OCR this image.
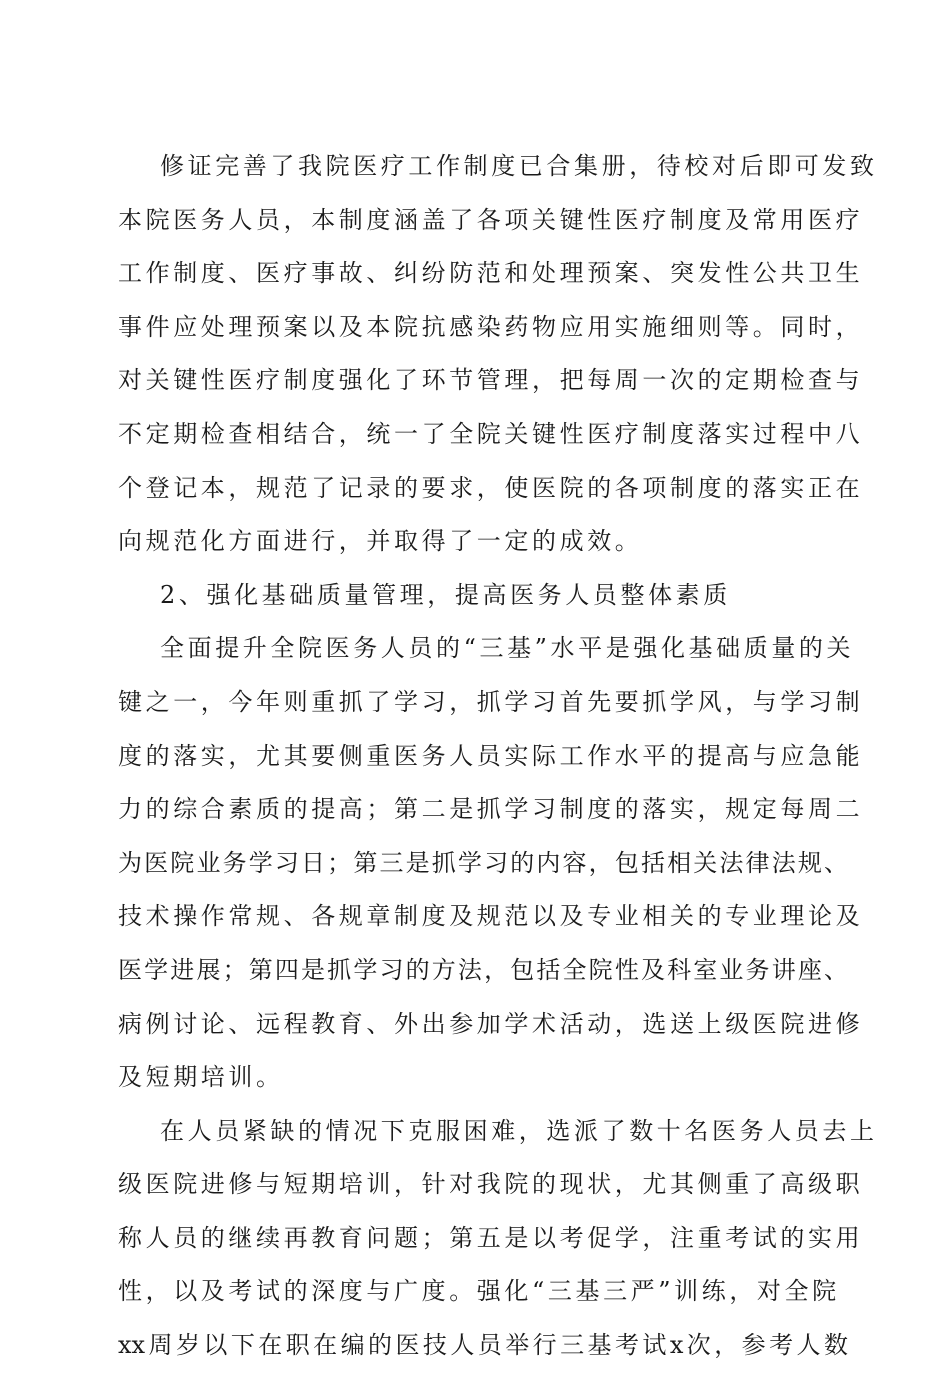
修证完善了我院医疗工作制度已合集册，待校对后即可发致
本院医务人员，本制度涵盖了各项关键性医疗制度及常用医疗
工作制度、医疗事故、纠纷防范和处理预案、突发性公共卫生
事件应处理预案以及本院抗感染药物应用实施细则等。同时，
对关键性医疗制度强化了环节管理，把每周一次的定期检查与
不定期检查相结合，统一了全院关键性医疗制度落实过程中八
个登记本，规范了记录的要求，使医院的各项制度的落实正在
向规范化方面进行，并取得了一定的成效。
2、强化基础质量管理，提高医务人员整体素质
全面提升全院医务人员的“三基”水平是强化基础质量的关
键之一，今年则重抓了学习，抓学习首先要抓学风，与学习制
度的落实，尤其要侧重医务人员实际工作水平的提高与应急能
力的综合素质的提高；第二是抓学习制度的落实，规定每周二
为医院业务学习日；第三是抓学习的内容，包括相关法律法规、
技术操作常规、各规章制度及规范以及专业相关的专业理论及
医学进展；第四是抓学习的方法，包括全院性及科室业务讲座、
病例讨论、远程教育、外出参加学术活动，选送上级医院进修
及短期培训。
在人员紧缺的情况下克服困难，选派了数十名医务人员去上
级医院进修与短期培训，针对我院的现状，尤其侧重了高级职
称人员的继续再教育问题；第五是以考促学，注重考试的实用
性，以及考试的深度与广度。强化“三基三严”训练，对全院
xx周岁以下在职在编的医技人员举行三基考试x次，参考人数
